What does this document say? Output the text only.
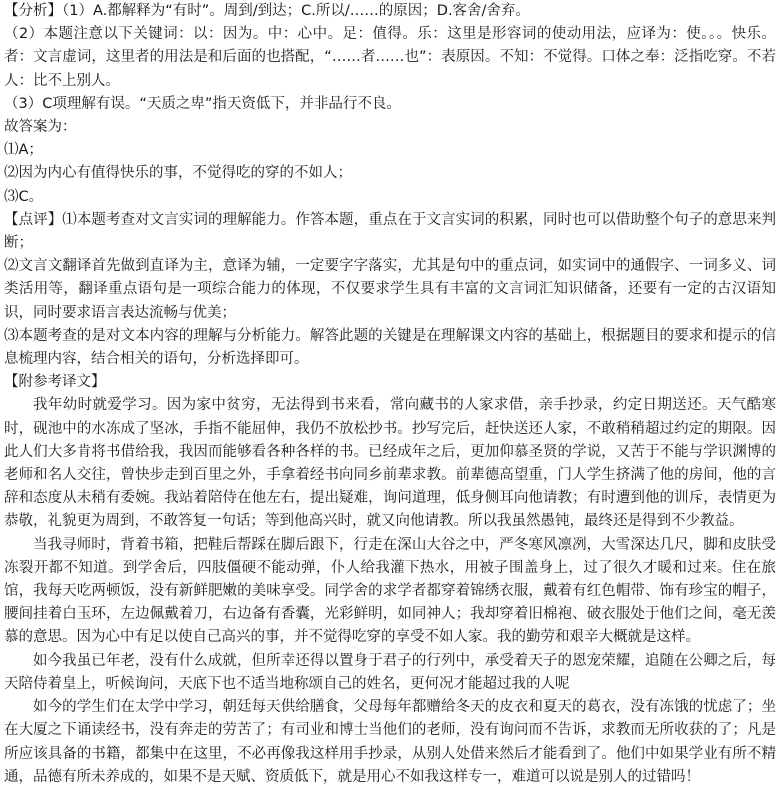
【分析】（1）A.都解释为“有时”。周到/到达；C.所以/……的原因；D.客舍/舍弃。

（2）本题注意以下关键词：以：因为。中：心中。足：值得。乐：这里是形容词的使动用法，应译为：使。。。快乐。者：文言虚词，这里者的用法是和后面的也搭配，“……者……也”：表原因。不知：不觉得。口体之奉：泛指吃穿。不若人：比不上别人。

（3）C项理解有误。“天质之卑”指天资低下，并非品行不良。

故答案为：

⑴A；

⑵因为内心有值得快乐的事，不觉得吃的穿的不如人；

⑶C。

【点评】⑴本题考查对文言实词的理解能力。作答本题，重点在于文言实词的积累，同时也可以借助整个句子的意思来判断；

⑵文言文翻译首先做到直译为主，意译为辅，一定要字字落实，尤其是句中的重点词，如实词中的通假字、一词多义、词类活用等，翻译重点语句是一项综合能力的体现，不仅要求学生具有丰富的文言词汇知识储备，还要有一定的古汉语知识，同时要求语言表达流畅与优美；

⑶本题考查的是对文本内容的理解与分析能力。解答此题的关键是在理解课文内容的基础上，根据题目的要求和提示的信息梳理内容，结合相关的语句，分析选择即可。

【附参考译文】

我年幼时就爱学习。因为家中贫穷，无法得到书来看，常向藏书的人家求借，亲手抄录，约定日期送还。天气酷寒时，砚池中的水冻成了坚冰，手指不能屈伸，我仍不放松抄书。抄写完后，赶快送还人家，不敢稍稍超过约定的期限。因此人们大多肯将书借给我，我因而能够看各种各样的书。已经成年之后，更加仰慕圣贤的学说，又苦于不能与学识渊博的老师和名人交往，曾快步走到百里之外，手拿着经书向同乡前辈求教。前辈德高望重，门人学生挤满了他的房间，他的言辞和态度从未稍有委婉。我站着陪侍在他左右，提出疑难，询问道理，低身侧耳向他请教；有时遭到他的训斥，表情更为恭敬，礼貌更为周到，不敢答复一句话；等到他高兴时，就又向他请教。所以我虽然愚钝，最终还是得到不少教益。

当我寻师时，背着书箱，把鞋后帮踩在脚后跟下，行走在深山大谷之中，严冬寒风凛冽，大雪深达几尺，脚和皮肤受冻裂开都不知道。到学舍后，四肢僵硬不能动弹，仆人给我灌下热水，用被子围盖身上，过了很久才暖和过来。住在旅馆，我每天吃两顿饭，没有新鲜肥嫩的美味享受。同学舍的求学者都穿着锦绣衣服，戴着有红色帽带、饰有珍宝的帽子，腰间挂着白玉环，左边佩戴着刀，右边备有香囊，光彩鲜明，如同神人；我却穿着旧棉袍、破衣服处于他们之间，毫无羡慕的意思。因为心中有足以使自己高兴的事，并不觉得吃穿的享受不如人家。我的勤劳和艰辛大概就是这样。

如今我虽已年老，没有什么成就，但所幸还得以置身于君子的行列中，承受着天子的恩宠荣耀，追随在公卿之后，每天陪侍着皇上，听候询问，天底下也不适当地称颂自己的姓名，更何况才能超过我的人呢

如今的学生们在太学中学习，朝廷每天供给膳食，父母每年都赠给冬天的皮衣和夏天的葛衣，没有冻饿的忧虑了；坐在大厦之下诵读经书，没有奔走的劳苦了；有司业和博士当他们的老师，没有询问而不告诉，求教而无所收获的了；凡是所应该具备的书籍，都集中在这里，不必再像我这样用手抄录，从别人处借来然后才能看到了。他们中如果学业有所不精通，品德有所未养成的，如果不是天赋、资质低下，就是用心不如我这样专一，难道可以说是别人的过错吗！
